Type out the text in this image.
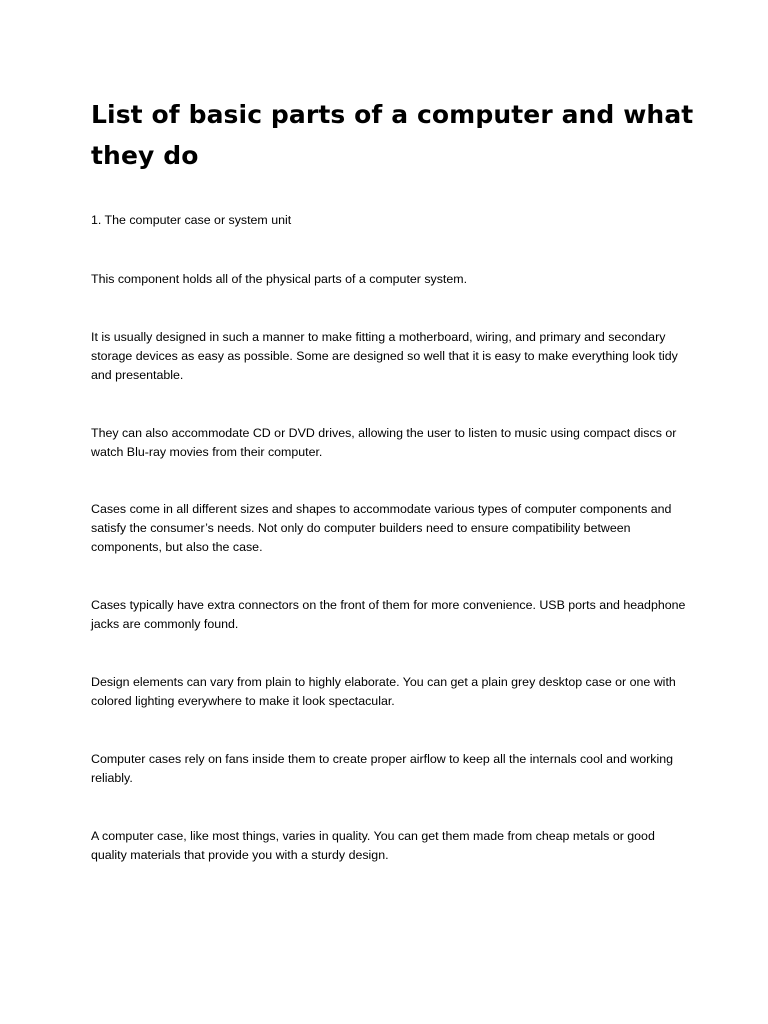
List of basic parts of a computer and what they do

1. The computer case or system unit

This component holds all of the physical parts of a computer system.

It is usually designed in such a manner to make fitting a motherboard, wiring, and primary and secondary storage devices as easy as possible. Some are designed so well that it is easy to make everything look tidy and presentable.

They can also accommodate CD or DVD drives, allowing the user to listen to music using compact discs or watch Blu-ray movies from their computer.

Cases come in all different sizes and shapes to accommodate various types of computer components and satisfy the consumer’s needs. Not only do computer builders need to ensure compatibility between components, but also the case.

Cases typically have extra connectors on the front of them for more convenience. USB ports and headphone jacks are commonly found.

Design elements can vary from plain to highly elaborate. You can get a plain grey desktop case or one with colored lighting everywhere to make it look spectacular.

Computer cases rely on fans inside them to create proper airflow to keep all the internals cool and working reliably.

A computer case, like most things, varies in quality. You can get them made from cheap metals or good quality materials that provide you with a sturdy design.
